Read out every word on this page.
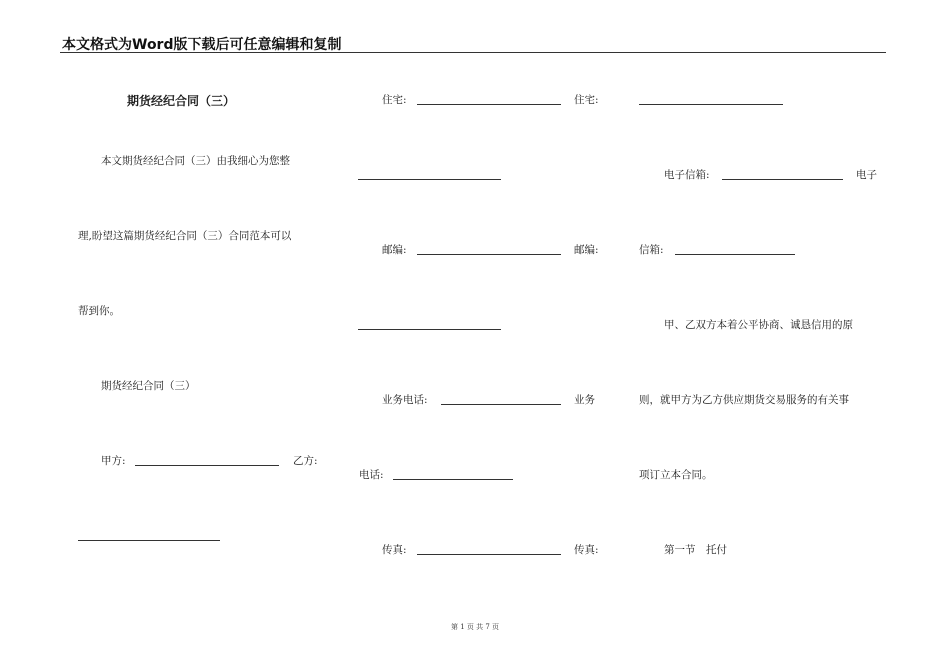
本文格式为Word版下载后可任意编辑和复制
期货经纪合同（三）
本文期货经纪合同（三）由我细心为您整
理,盼望这篇期货经纪合同（三）合同范本可以
帮到你。
期货经纪合同（三）
甲方:	乙方:
住宅:
邮编:
业务电话:
电话:
传真:
住宅:
电子信箱:	电子
邮编:	信箱:
甲、乙双方本着公平协商、诚恳信用的原
业务	则，就甲方为乙方供应期货交易服务的有关事
项订立本合同。
传真:	第一节　托付
第 1 页 共 7 页
